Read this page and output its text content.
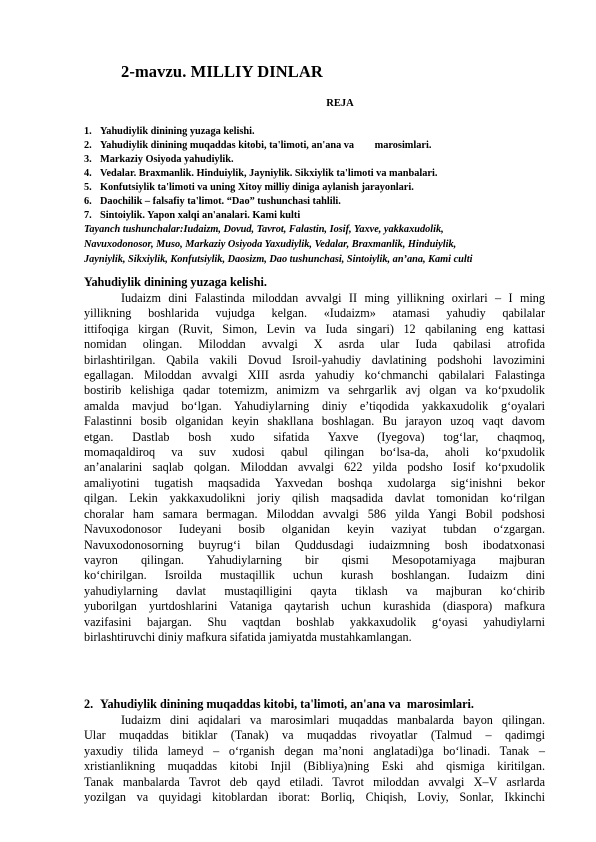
2-mavzu. MILLIY DINLAR
REJA
1. Yahudiylik dinining yuzaga kelishi.
2. Yahudiylik dinining muqaddas kitobi, ta'limoti, an'ana va        marosimlari.
3. Markaziy Osiyoda yahudiylik.
4. Vedalar. Braxmanlik. Hinduiylik, Jayniylik. Sikxiylik ta'limoti va manbalari.
5. Konfutsiylik ta'limoti va uning Xitoy milliy diniga aylanish jarayonlari.
6. Daochilik – falsafiy ta'limot. “Dao” tushunchasi tahlili.
7. Sintoiylik. Yapon xalqi an'analari. Kami kulti
Tayanch tushunchalar:Iudaizm, Dovud, Tavrot, Falastin, Iosif, Yaxve, yakkaxudolik,
Navuxodonosor, Muso, Markaziy Osiyoda Yaxudiylik, Vedalar, Braxmanlik, Hinduiylik,
Jayniylik, Sikxiylik, Konfutsiylik, Daosizm, Dao tushunchasi, Sintoiylik, an’ana, Kami culti
Yahudiylik dinining yuzaga kelishi.
Iudaizm dini Falastinda miloddan avvalgi II ming yillikning oxirlari – I ming
yillikning boshlarida vujudga kelgan. «Iudaizm» atamasi yahudiy qabilalar
ittifoqiga kirgan (Ruvit, Simon, Levin va Iuda singari) 12 qabilaning eng kattasi
nomidan olingan. Miloddan avvalgi X asrda ular Iuda qabilasi atrofida
birlashtirilgan. Qabila vakili Dovud Isroil-yahudiy davlatining podshohi lavozimini
egallagan. Miloddan avvalgi XIII asrda yahudiy ko‘chmanchi qabilalari Falastinga
bostirib kelishiga qadar totemizm, animizm va sehrgarlik avj olgan va ko‘pxudolik
amalda mavjud bo‘lgan. Yahudiylarning diniy e’tiqodida yakkaxudolik g‘oyalari
Falastinni bosib olganidan keyin shakllana boshlagan. Bu jarayon uzoq vaqt davom
etgan. Dastlab bosh xudo sifatida Yaxve (Iyegova) tog‘lar, chaqmoq,
momaqaldiroq va suv xudosi qabul qilingan bo‘lsa-da, aholi ko‘pxudolik
an’analarini saqlab qolgan. Miloddan avvalgi 622 yilda podsho Iosif ko‘pxudolik
amaliyotini tugatish maqsadida Yaxvedan boshqa xudolarga sig‘inishni bekor
qilgan. Lekin yakkaxudolikni joriy qilish maqsadida davlat tomonidan ko‘rilgan
choralar ham samara bermagan. Miloddan avvalgi 586 yilda Yangi Bobil podshosi
Navuxodonosor Iudeyani bosib olganidan keyin vaziyat tubdan o‘zgargan.
Navuxodonosorning buyrug‘i bilan Quddusdagi iudaizmning bosh ibodatxonasi
vayron qilingan. Yahudiylarning bir qismi Mesopotamiyaga majburan
ko‘chirilgan. Isroilda mustaqillik uchun kurash boshlangan. Iudaizm dini
yahudiylarning davlat mustaqilligini qayta tiklash va majburan ko‘chirib
yuborilgan yurtdoshlarini Vataniga qaytarish uchun kurashida (diaspora) mafkura
vazifasini bajargan. Shu vaqtdan boshlab yakkaxudolik g‘oyasi yahudiylarni
birlashtiruvchi diniy mafkura sifatida jamiyatda mustahkamlangan.
2. Yahudiylik dinining muqaddas kitobi, ta'limoti, an'ana va  marosimlari.
Iudaizm dini aqidalari va marosimlari muqaddas manbalarda bayon qilingan.
Ular muqaddas bitiklar (Tanak) va muqaddas rivoyatlar (Talmud – qadimgi
yaxudiy tilida lameyd – o‘rganish degan ma’noni anglatadi)ga bo‘linadi. Tanak –
xristianlikning muqaddas kitobi Injil (Bibliya)ning Eski ahd qismiga kiritilgan.
Tanak manbalarda Tavrot deb qayd etiladi. Tavrot miloddan avvalgi X–V asrlarda
yozilgan va quyidagi kitoblardan iborat: Borliq, Chiqish, Loviy, Sonlar, Ikkinchi
